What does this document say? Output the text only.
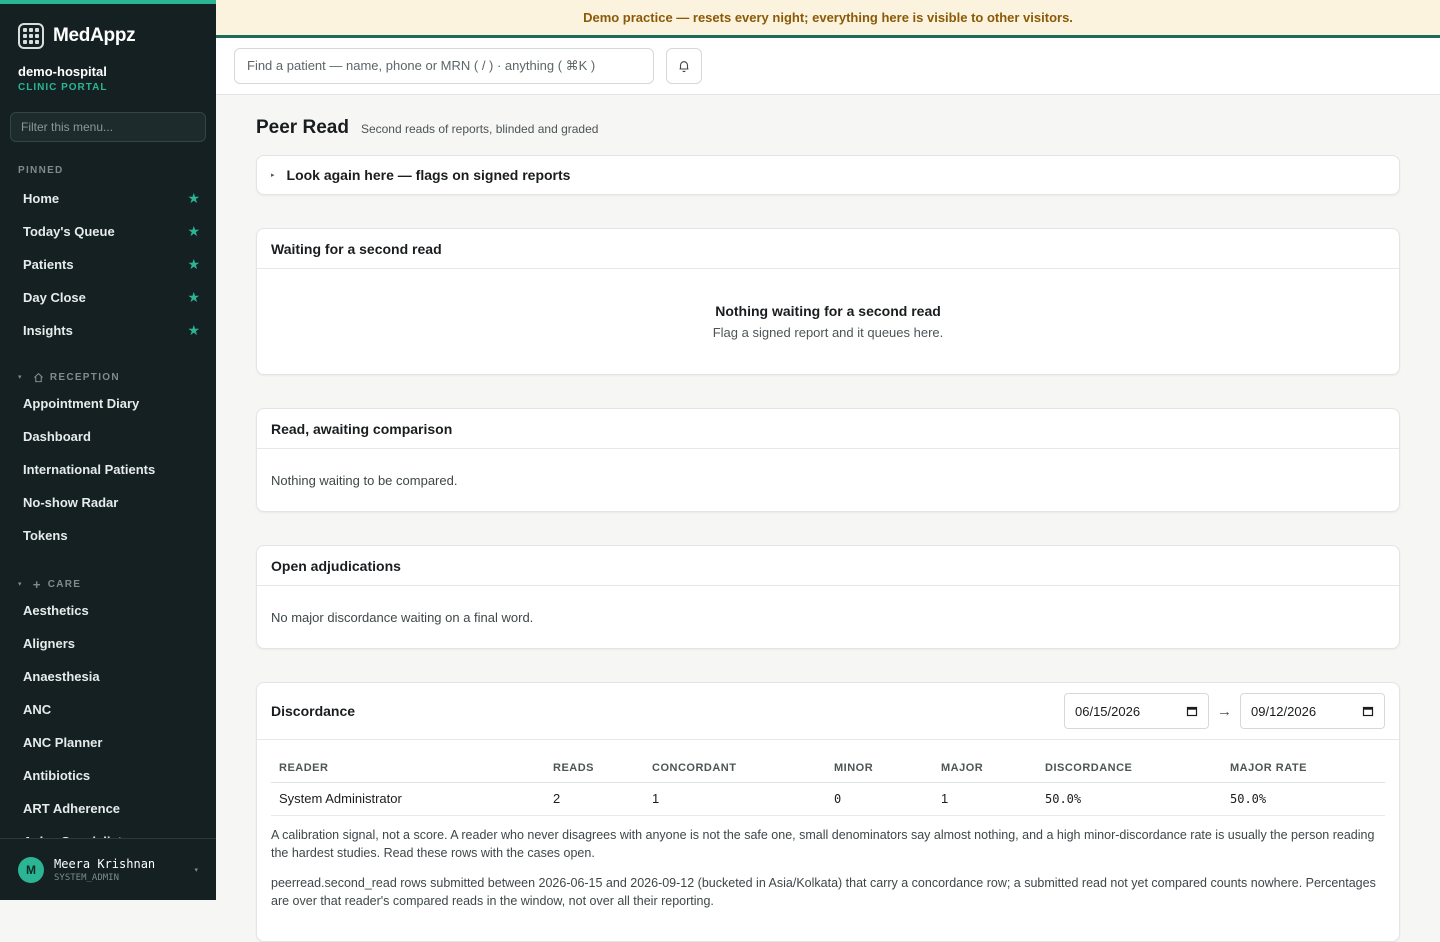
MedAppz
demo-hospital
CLINIC PORTAL
Filter this menu...
PINNED
Home	★
Today's Queue	★
Patients	★
Day Close	★
Insights	★
▾	RECEPTION
Appointment Diary
Dashboard
International Patients
No-show Radar
Tokens
▾ + CARE
Aesthetics
Aligners
Anaesthesia
ANC
ANC Planner
Antibiotics
ART Adherence
M	Meera Krishnan
SYSTEM_ADMIN
▾
Demo practice — resets every night; everything here is visible to other visitors.
Find a patient — name, phone or MRN ( / ) · anything ( ⌘K )
Peer Read Second reads of reports, blinded and graded
▸ Look again here — flags on signed reports
Waiting for a second read
Nothing waiting for a second read
Flag a signed report and it queues here.
Read, awaiting comparison
Nothing waiting to be compared.
Open adjudications
No major discordance waiting on a final word.
Discordance	06/15/2026	→ 09/12/2026
READER	READS	CONCORDANT	MINOR	MAJOR	DISCORDANCE	MAJOR RATE
System Administrator	2	1	0	1	50.0%	50.0%

A calibration signal, not a score. A reader who never disagrees with anyone is not the safe one, small denominators say almost nothing, and a high minor-discordance rate is usually the person reading the hardest studies. Read these rows with the cases open.

peerread.second_read rows submitted between 2026-06-15 and 2026-09-12 (bucketed in Asia/Kolkata) that carry a concordance row; a submitted read not yet compared counts nowhere. Percentages are over that reader's compared reads in the window, not over all their reporting.
